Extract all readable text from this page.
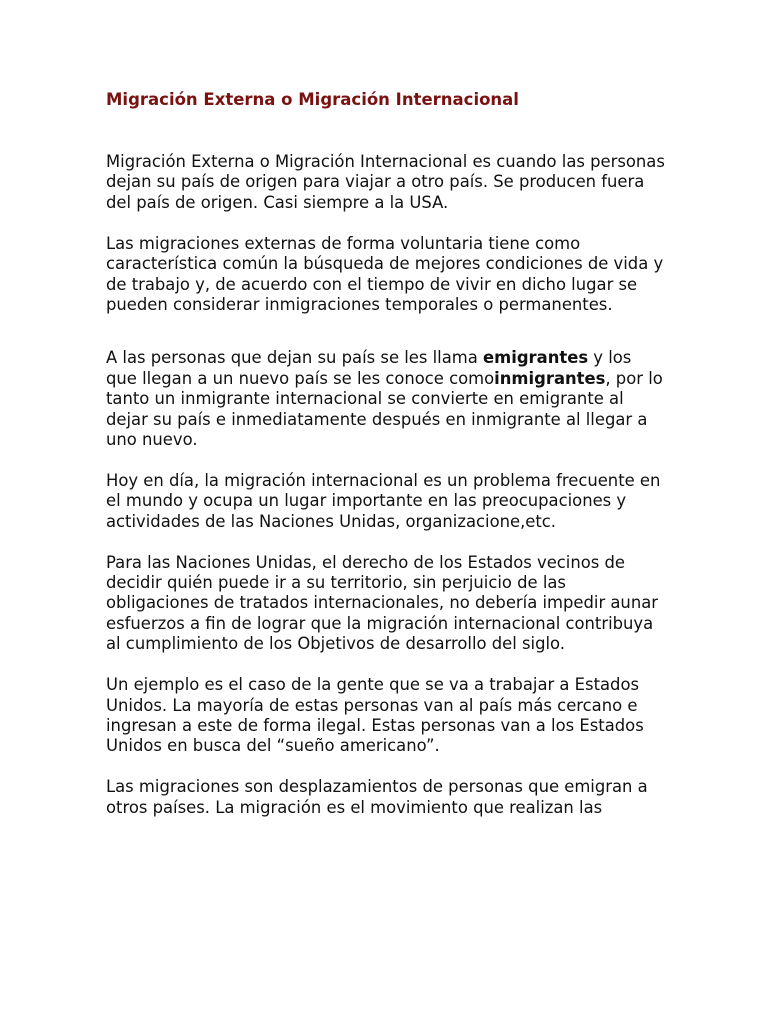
Migración Externa o Migración Internacional

Migración Externa o Migración Internacional es cuando las personas dejan su país de origen para viajar a otro país. Se producen fuera del país de origen. Casi siempre a la USA.

Las migraciones externas de forma voluntaria tiene como característica común la búsqueda de mejores condiciones de vida y de trabajo y, de acuerdo con el tiempo de vivir en dicho lugar se pueden considerar inmigraciones temporales o permanentes.

A las personas que dejan su país se les llama emigrantes y los que llegan a un nuevo país se les conoce comoinmigrantes, por lo tanto un inmigrante internacional se convierte en emigrante al dejar su país e inmediatamente después en inmigrante al llegar a uno nuevo.

Hoy en día, la migración internacional es un problema frecuente en el mundo y ocupa un lugar importante en las preocupaciones y actividades de las Naciones Unidas, organizacione,etc.

Para las Naciones Unidas, el derecho de los Estados vecinos de decidir quién puede ir a su territorio, sin perjuicio de las obligaciones de tratados internacionales, no debería impedir aunar esfuerzos a fin de lograr que la migración internacional contribuya al cumplimiento de los Objetivos de desarrollo del siglo.

Un ejemplo es el caso de la gente que se va a trabajar a Estados Unidos. La mayoría de estas personas van al país más cercano e ingresan a este de forma ilegal. Estas personas van a los Estados Unidos en busca del “sueño americano”.

Las migraciones son desplazamientos de personas que emigran a otros países. La migración es el movimiento que realizan las
